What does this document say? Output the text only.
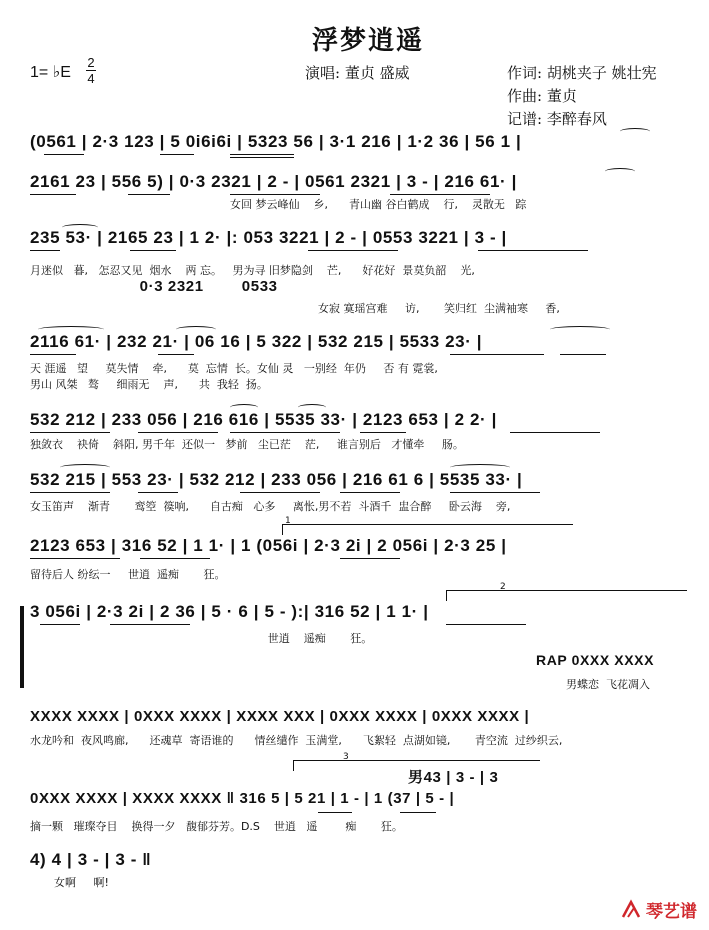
浮梦逍遥
1= ♭E
2
4	演唱: 董贞 盛威	作词: 胡桃夹子 姚壮宪
作曲: 董贞
记谱: 李醉春风

(0561 | 2·3 123 | 5 0i6i6i | 5323 56 | 3·1 216 | 1·2 36 | 56 1 |

2161 23 | 556 5) | 0·3 2321 | 2 - | 0561 2321 | 3 - | 216 61· |

女回 梦云峰仙    乡,      青山幽 谷白鹤成    行,    灵散无   踪

235 53· | 2165 23 | 1 2· |: 053 3221 | 2 - | 0553 3221 | 3 - |

月迷似   暮,   怎忍又见  烟水    两 忘。   男为寻 旧梦隐剑    芒,      好花好  景莫负韶    光,

0·3 2321        0533

女寂 寞瑶宫难     访,       笑归红  尘满袖寒     香,

2116 61· | 232 21· | 06 16 | 5 322 | 532 215 | 5533 23· |

天 涯遥   望     莫失情    牵,      莫  忘情  长。女仙 灵   一别经  年仍     否 有 霓裳,

男山 风桀   骜     细雨无    声,      共  我轻  扬。

532 212 | 233 056 | 216 616 | 5535 33· | 2123 653 | 2 2· |

独敛衣    袂倚    斜阳, 男千年  还似一   梦前   尘已茫    茫,     谁言别后   才懂牵     肠。

532 215 | 553 23· | 532 212 | 233 056 | 216 61 6 | 5535 33· |

女玉笛声    渐青       鸾箜  篌响,      自古痴   心多     离怅,男不若  斗酒千  盅合醉     卧云海    旁,

1

2123 653 | 316 52 | 1 1· | 1 (056i | 2·3 2i | 2 056i | 2·3 25 |

留待后人 纷纭一     世逍  遥痴       狂。

2

3 056i | 2·3 2i | 2 36 | 5 · 6 | 5 - ):| 316 52 | 1 1· |

世逍    遥痴       狂。

RAP 0XXX XXXX

男蝶恋  飞花凋入

XXXX XXXX | 0XXX XXXX | XXXX XXX | 0XXX XXXX | 0XXX XXXX |

水龙吟和  夜风鸣廊,      还魂草  寄语谁的      情丝缱作  玉满堂,      飞絮轻  点湖如镜,       青空流  过纱织云,

3

男43 | 3 - | 3

0XXX XXXX | XXXX XXXX ‖ 316 5 | 5 21 | 1 - | 1 (37 | 5 - |

摘一颗   璀璨夺目    换得一夕   馥郁芬芳。D.S    世逍   遥        痴       狂。

4) 4 | 3 - | 3 - ‖

女啊     啊!

琴艺谱
